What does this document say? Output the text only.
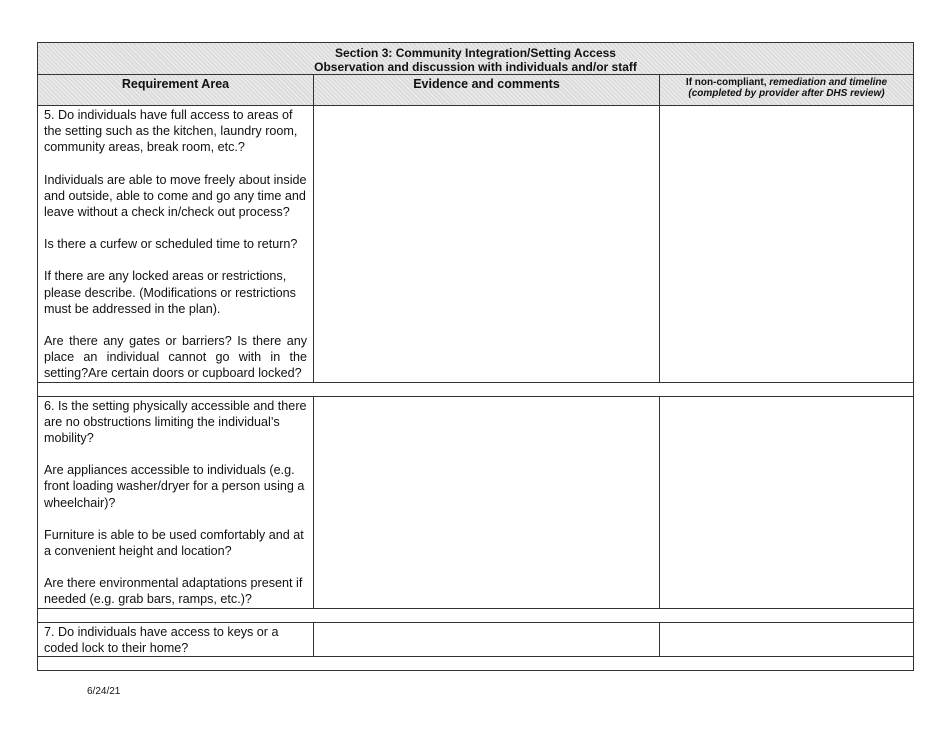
Section 3: Community Integration/Setting Access
Observation and discussion with individuals and/or staff		

Requirement Area	Evidence and comments	If non-compliant, remediation and timeline
(completed by provider after DHS review)

5. Do individuals have full access to areas of the setting such as the kitchen, laundry room, community areas, break room, etc.?

Individuals are able to move freely about inside and outside, able to come and go any time and leave without a check in/check out process?

Is there a curfew or scheduled time to return?

If there are any locked areas or restrictions, please describe. (Modifications or restrictions must be addressed in the plan).

Are there any gates or barriers? Is there any place an individual cannot go with in the setting?Are certain doors or cupboard locked?		

6. Is the setting physically accessible and there are no obstructions limiting the individual’s mobility?

Are appliances accessible to individuals (e.g. front loading washer/dryer for a person using a wheelchair)?

Furniture is able to be used comfortably and at a convenient height and location?

Are there environmental adaptations present if needed (e.g. grab bars, ramps, etc.)?		

7. Do individuals have access to keys or a coded lock to their home?		

6/24/21
